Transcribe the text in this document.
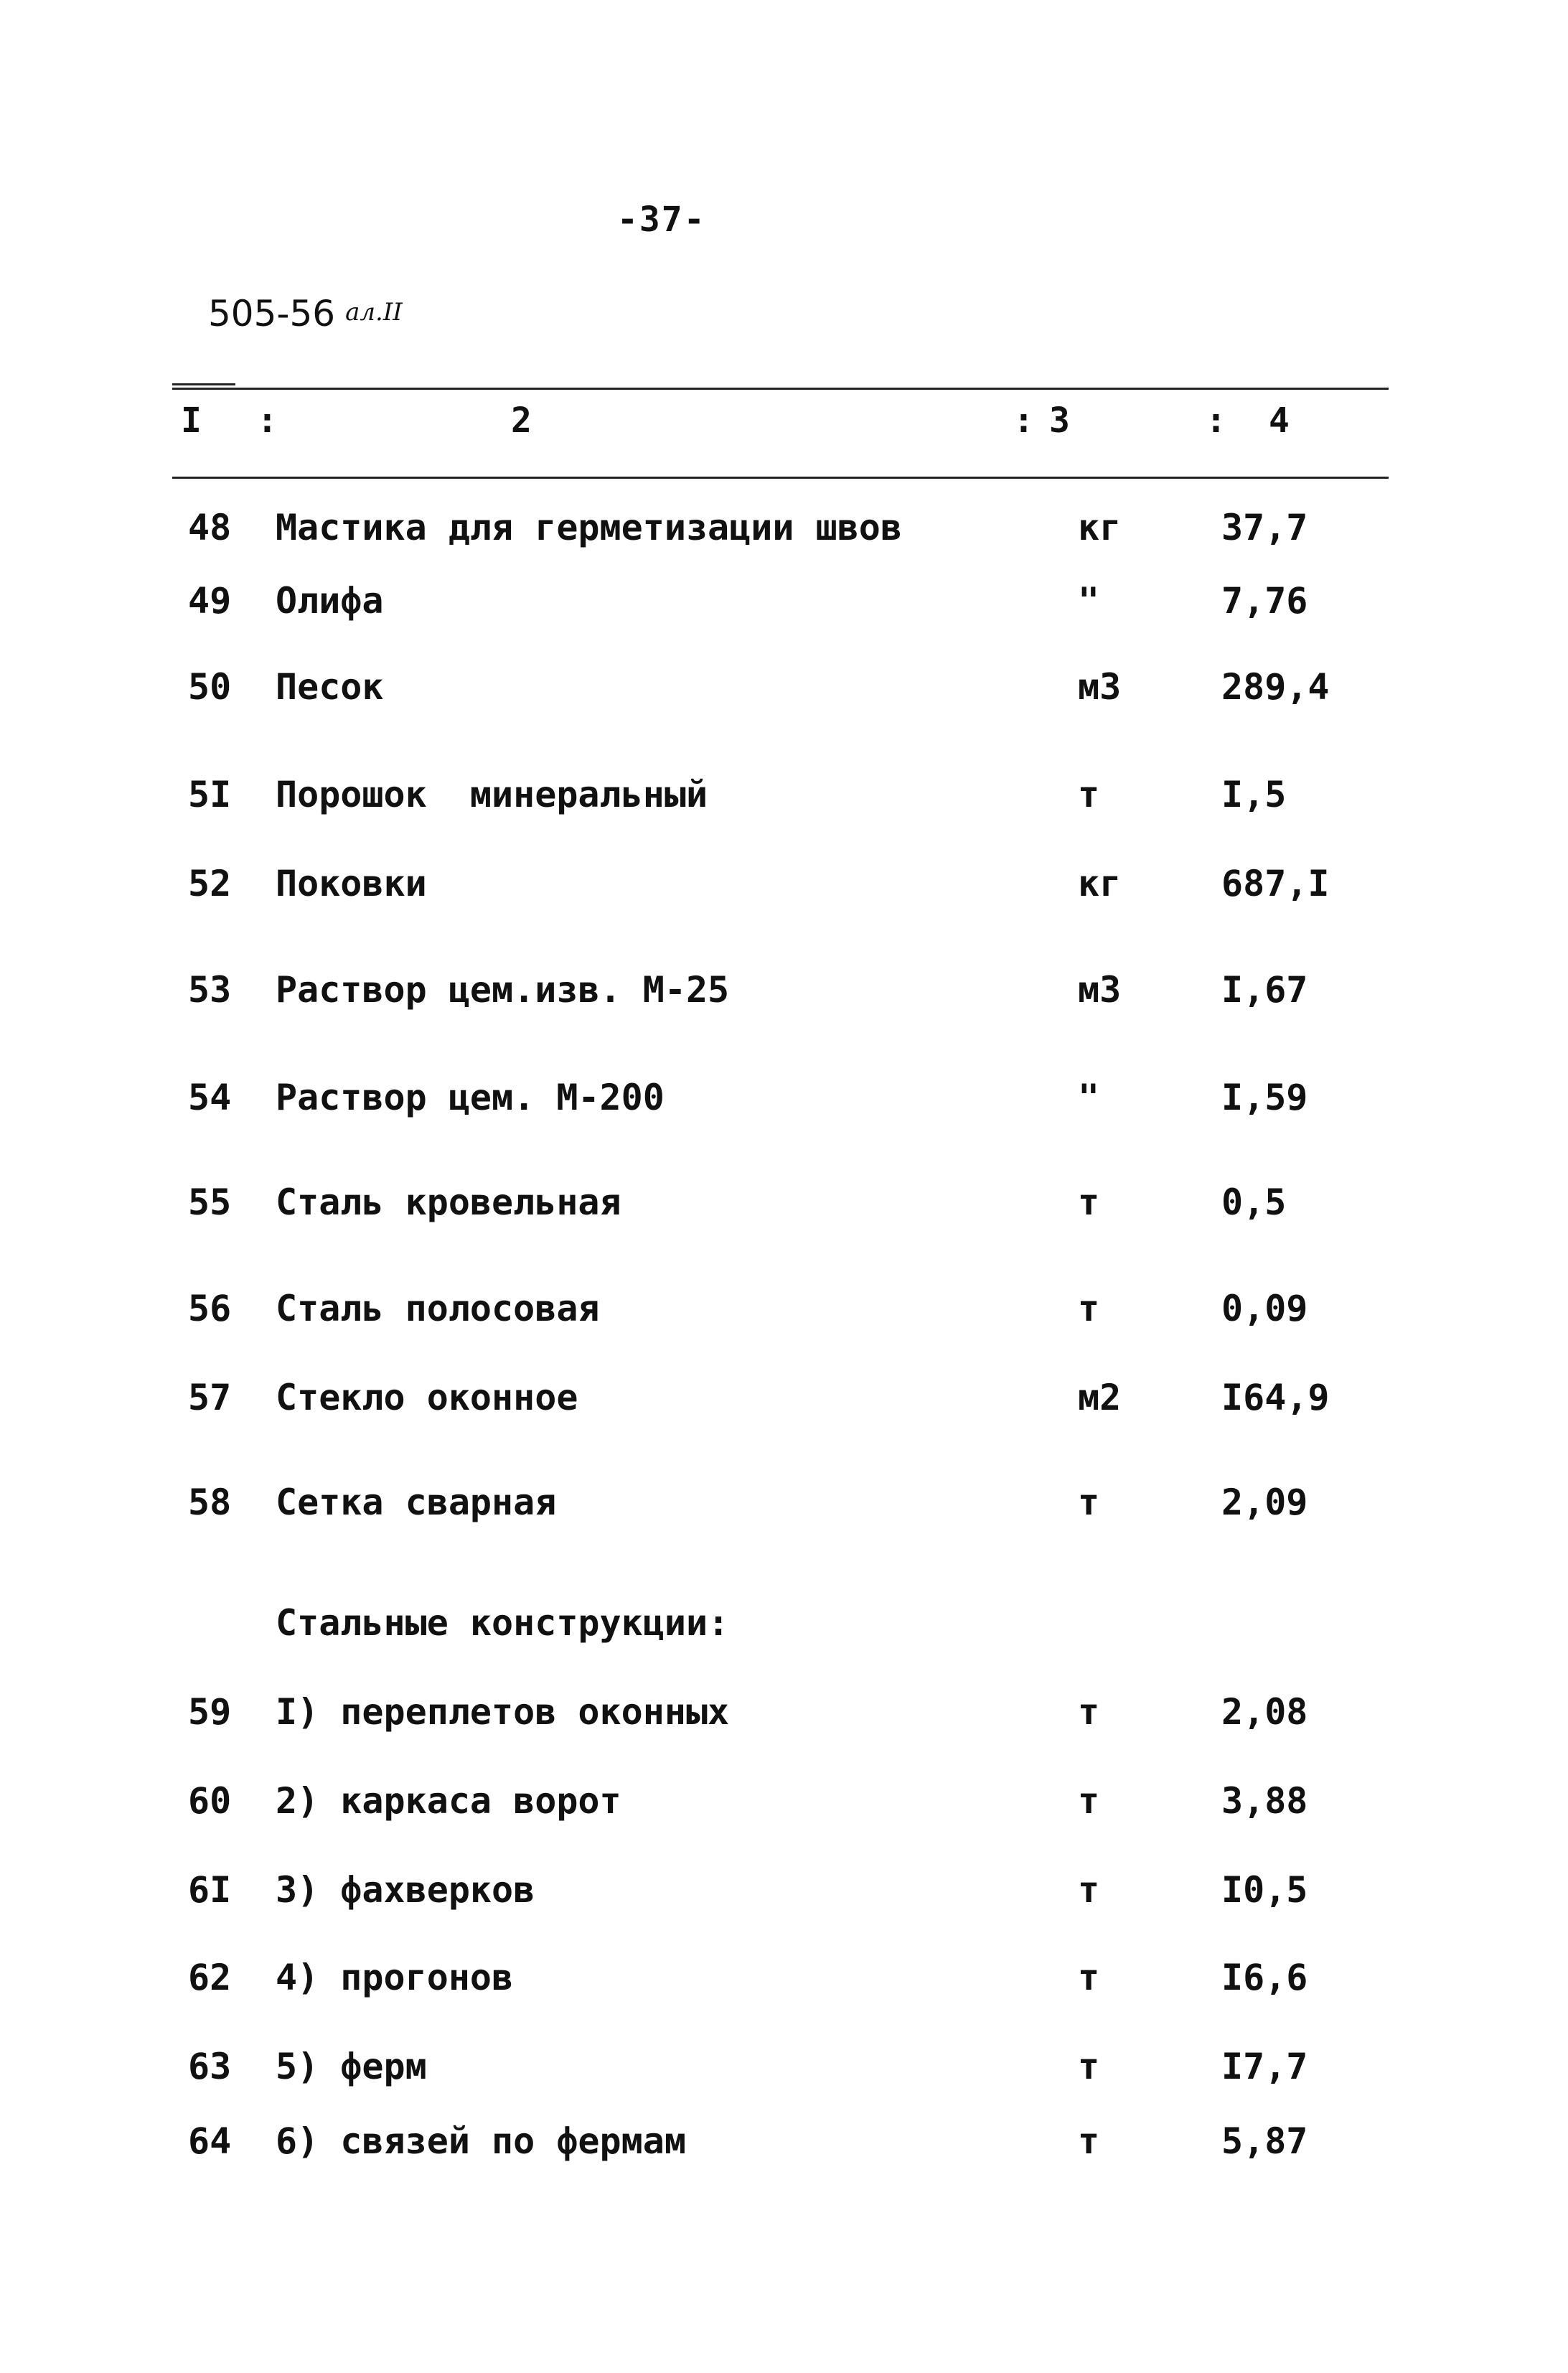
-37-
505-56 ал.II
I :	2	: 3	: 4
48 Мастика для герметизации швов	кг	37,7
49 Олифа	"	7,76
50 Песок	м3	289,4
5I Порошок  минеральный	т	I,5
52 Поковки	кг	687,I
53 Раствор цем.изв. М-25	м3	I,67
54 Раствор цем. М-200	"	I,59
55 Сталь кровельная	т	0,5
56 Сталь полосовая	т	0,09
57 Стекло оконное	м2	I64,9
58 Сетка сварная	т	2,09
Стальные конструкции:
59 I) переплетов оконных	т	2,08
60 2) каркаса ворот	т	3,88
6I 3) фахверков	т	I0,5
62 4) прогонов	т	I6,6
63 5) ферм	т	I7,7
64 6) связей по фермам	т	5,87
